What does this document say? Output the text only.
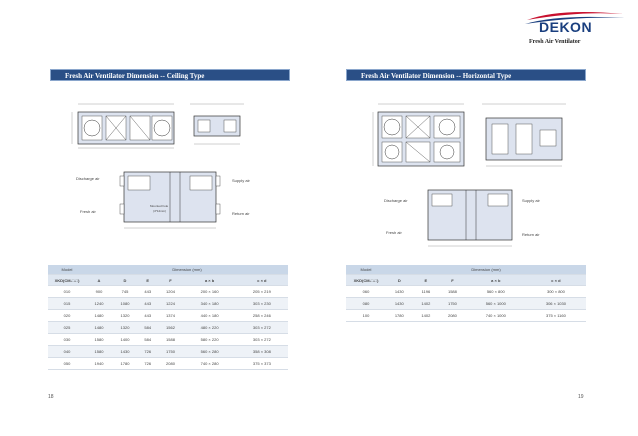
DEKON
Fresh Air Ventilator
Fresh Air Ventilator Dimension -- Ceiling Type	Fresh Air Ventilator Dimension -- Horizontal Type
Discharge air	Supply air
Fresh air	Return air
Mounted hole
(4*12mm)
Discharge air	Supply air
Fresh air	Return air
Model	Dimension (mm)					
XKD(CM-□-□)	A	D	E	F	a × b	c × d
010	900	745	443	1204	200 × 160	205 × 219
015	1240	1080	443	1224	340 × 180	303 × 230
020	1480	1320	443	1374	440 × 180	258 × 246
025	1480	1320	584	1562	480 × 220	303 × 272
030	1580	1400	584	1588	580 × 220	303 × 272
040	1580	1430	726	1750	560 × 280	358 × 308
050	1940	1780	726	2080	740 × 280	375 × 373
Model	Dimension (mm)				
XKD(CM-□-□)	D	E	F	a × b	c × d
060	1430	1196	1588	560 × 800	300 × 800
080	1430	1402	1750	560 × 1000	306 × 1030
100	1780	1402	2080	740 × 1000	375 × 1160
18	19
